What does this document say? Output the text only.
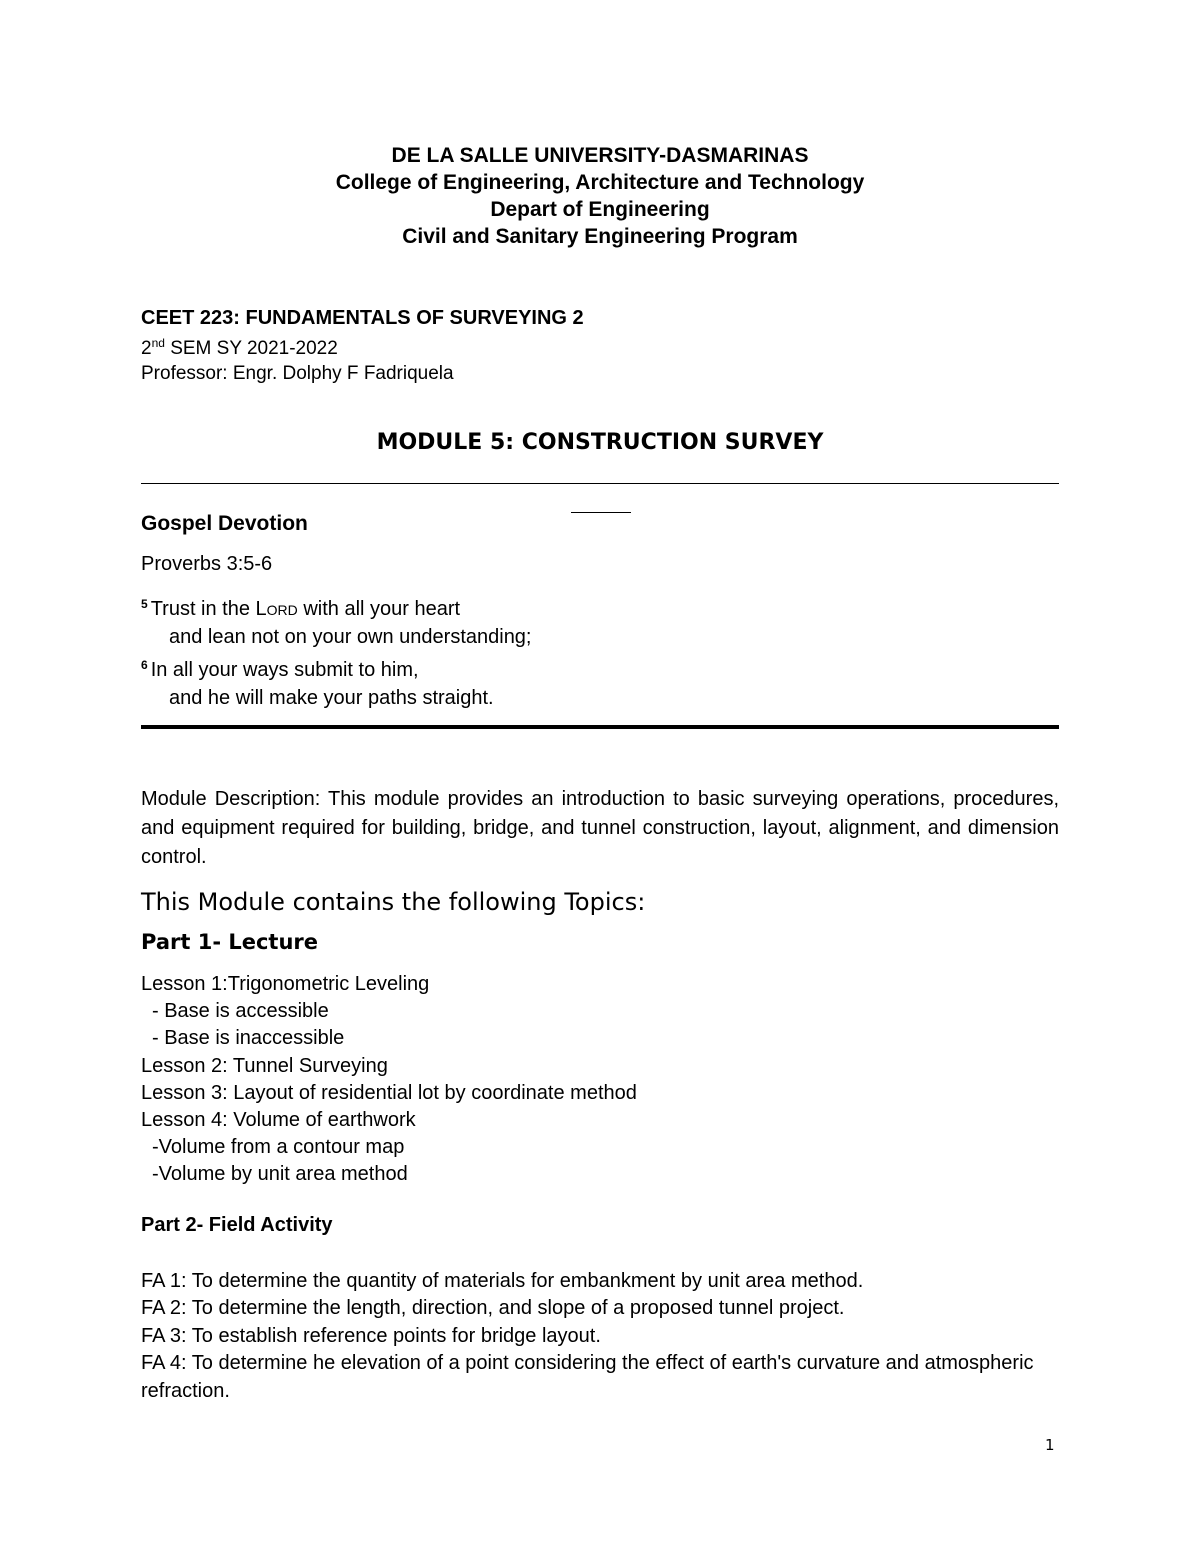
DE LA SALLE UNIVERSITY-DASMARINAS
College of Engineering, Architecture and Technology
Depart of Engineering
Civil and Sanitary Engineering Program
CEET 223: FUNDAMENTALS OF SURVEYING 2
2nd SEM SY 2021-2022
Professor: Engr. Dolphy F Fadriquela
MODULE 5: CONSTRUCTION SURVEY
Gospel Devotion
Proverbs 3:5-6
$^5$ Trust in the Lord with all your heart
and lean not on your own understanding;
$^6$ In all your ways submit to him,
and he will make your paths straight.
Module Description: This module provides an introduction to basic surveying operations, procedures, and equipment required for building, bridge, and tunnel construction, layout, alignment, and dimension control.
This Module contains the following Topics:
Part 1- Lecture
Lesson 1:Trigonometric Leveling
- Base is accessible
- Base is inaccessible
Lesson 2: Tunnel Surveying
Lesson 3: Layout of residential lot by coordinate method
Lesson 4: Volume of earthwork
-Volume from a contour map
-Volume by unit area method
Part 2- Field Activity
FA 1: To determine the quantity of materials for embankment by unit area method.
FA 2: To determine the length, direction, and slope of a proposed tunnel project.
FA 3: To establish reference points for bridge layout.
FA 4: To determine he elevation of a point considering the effect of earth's curvature and atmospheric refraction.
1
